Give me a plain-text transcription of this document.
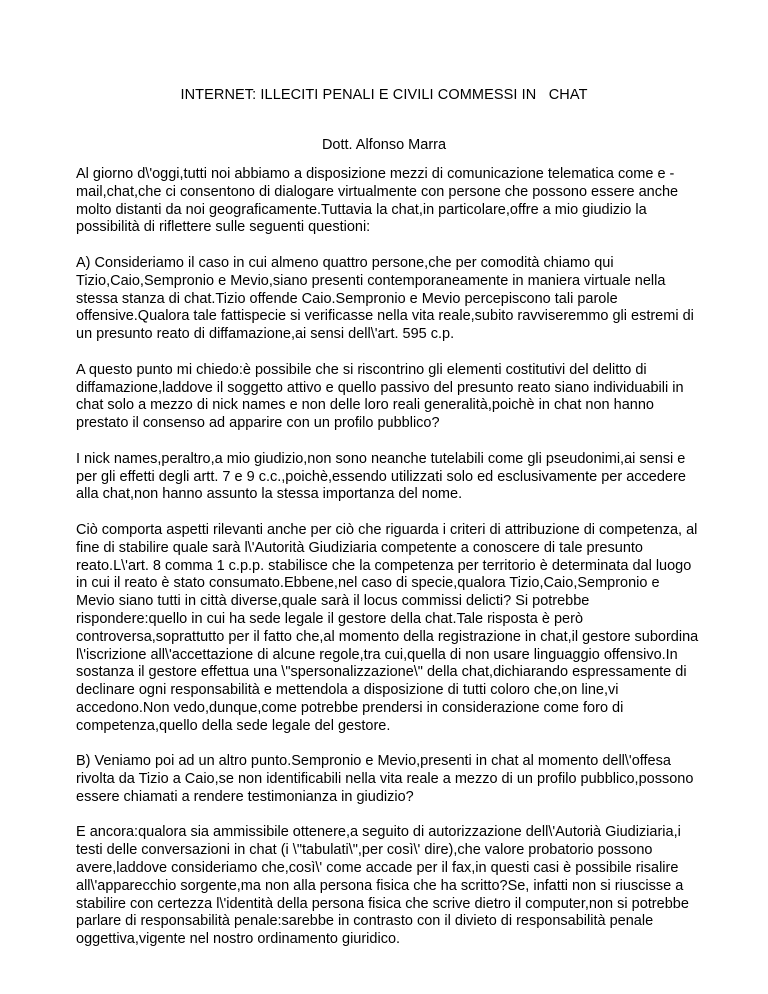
INTERNET: ILLECITI PENALI E CIVILI COMMESSI IN   CHAT
Dott. Alfonso Marra

Al giorno d\'oggi,tutti noi abbiamo a disposizione mezzi di comunicazione telematica come e - mail,chat,che ci consentono di dialogare virtualmente con persone che possono essere anche molto distanti da noi geograficamente.Tuttavia la chat,in particolare,offre a mio giudizio la possibilità di riflettere sulle seguenti questioni:

A) Consideriamo il caso in cui almeno quattro persone,che per comodità chiamo qui Tizio,Caio,Sempronio e Mevio,siano presenti contemporaneamente in maniera virtuale nella stessa stanza di chat.Tizio offende Caio.Sempronio e Mevio percepiscono tali parole offensive.Qualora tale fattispecie si verificasse nella vita reale,subito ravviseremmo gli estremi di un presunto reato di diffamazione,ai sensi dell\'art. 595 c.p.

A questo punto mi chiedo:è possibile che si riscontrino gli elementi costitutivi del delitto di diffamazione,laddove il soggetto attivo e quello passivo del presunto reato siano individuabili in chat solo a mezzo di nick names e non delle loro reali generalità,poichè in chat non hanno prestato il consenso ad apparire con un profilo pubblico?

I nick names,peraltro,a mio giudizio,non sono neanche tutelabili come gli pseudonimi,ai sensi e per gli effetti degli artt. 7 e 9 c.c.,poichè,essendo utilizzati solo ed esclusivamente per accedere alla chat,non hanno assunto la stessa importanza del nome.

Ciò comporta aspetti rilevanti anche per ciò che riguarda i criteri di attribuzione di competenza, al fine di stabilire quale sarà l\'Autorità Giudiziaria competente a conoscere di tale presunto reato.L\'art. 8 comma 1 c.p.p. stabilisce che la competenza per territorio è determinata dal luogo in cui il reato è stato consumato.Ebbene,nel caso di specie,qualora Tizio,Caio,Sempronio e Mevio siano tutti in città diverse,quale sarà il locus commissi delicti? Si potrebbe rispondere:quello in cui ha sede legale il gestore della chat.Tale risposta è però controversa,soprattutto per il fatto che,al momento della registrazione in chat,il gestore subordina l\'iscrizione all\'accettazione di alcune regole,tra cui,quella di non usare linguaggio offensivo.In sostanza il gestore effettua una \"spersonalizzazione\" della chat,dichiarando espressamente di declinare ogni responsabilità e mettendola a disposizione di tutti coloro che,on line,vi accedono.Non vedo,dunque,come potrebbe prendersi in considerazione come foro di competenza,quello della sede legale del gestore.

B) Veniamo poi ad un altro punto.Sempronio e Mevio,presenti in chat al momento dell\'offesa rivolta da Tizio a Caio,se non identificabili nella vita reale a mezzo di un profilo pubblico,possono essere chiamati a rendere testimonianza in giudizio?

E ancora:qualora sia ammissibile ottenere,a seguito di autorizzazione dell\'Autorià Giudiziaria,i testi delle conversazioni in chat (i \"tabulati\",per così\' dire),che valore probatorio possono avere,laddove consideriamo che,così\' come accade per il fax,in questi casi è possibile risalire all\'apparecchio sorgente,ma non alla persona fisica che ha scritto?Se, infatti non si riuscisse a stabilire con certezza l\'identità della persona fisica che scrive dietro il computer,non si potrebbe parlare di responsabilità penale:sarebbe in contrasto con il divieto di responsabilità penale oggettiva,vigente nel nostro ordinamento giuridico.
